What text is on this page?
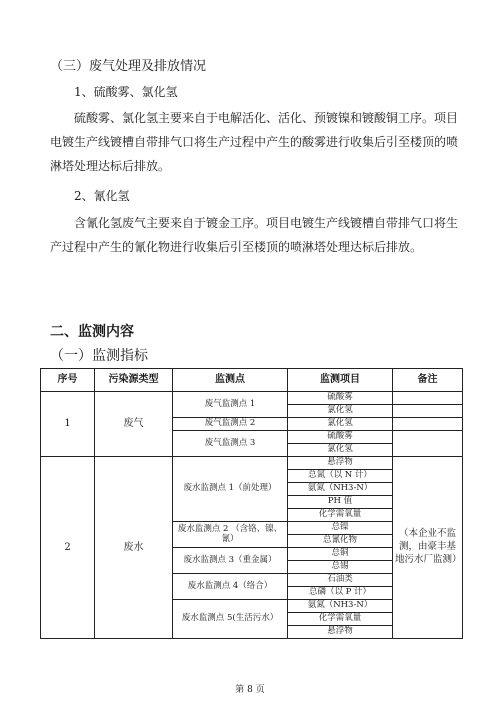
（三）废气处理及排放情况
1、硫酸雾、氯化氢

硫酸雾、氯化氢主要来自于电解活化、活化、预镀镍和镀酸铜工序。项目

电镀生产线镀槽自带排气口将生产过程中产生的酸雾进行收集后引至楼顶的喷

淋塔处理达标后排放。

2、氰化氢

含氰化氢废气主要来自于镀金工序。项目电镀生产线镀槽自带排气口将生

产过程中产生的氰化物进行收集后引至楼顶的喷淋塔处理达标后排放。

二、监测内容
（一）监测指标
序号	污染源类型	监测点	监测项目	备注
1	废气	废气监测点 1	硫酸雾	
			氯化氢	
		废气监测点 2	氯化氢	
		废气监测点 3	硫酸雾	
			氯化氢	
2	废水	废水监测点 1（前处理）	悬浮物	（本企业不监测，由豪丰基地污水厂监测）
			总氮（以 N 计）	
			氨氮（NH3-N）	
			PH 值	
			化学需氧量	
		废水监测点 2 （含铬、镍、氰）	总镍	
			总氰化物	
		废水监测点 3（重金属）	总铜	
			总锡	
		废水监测点 4（络合）	石油类	
			总磷（以 P 计）	
		废水监测点 5(生活污水）	氨氮（NH3-N）	
			化学需氧量	
			悬浮物	
第 8 页
